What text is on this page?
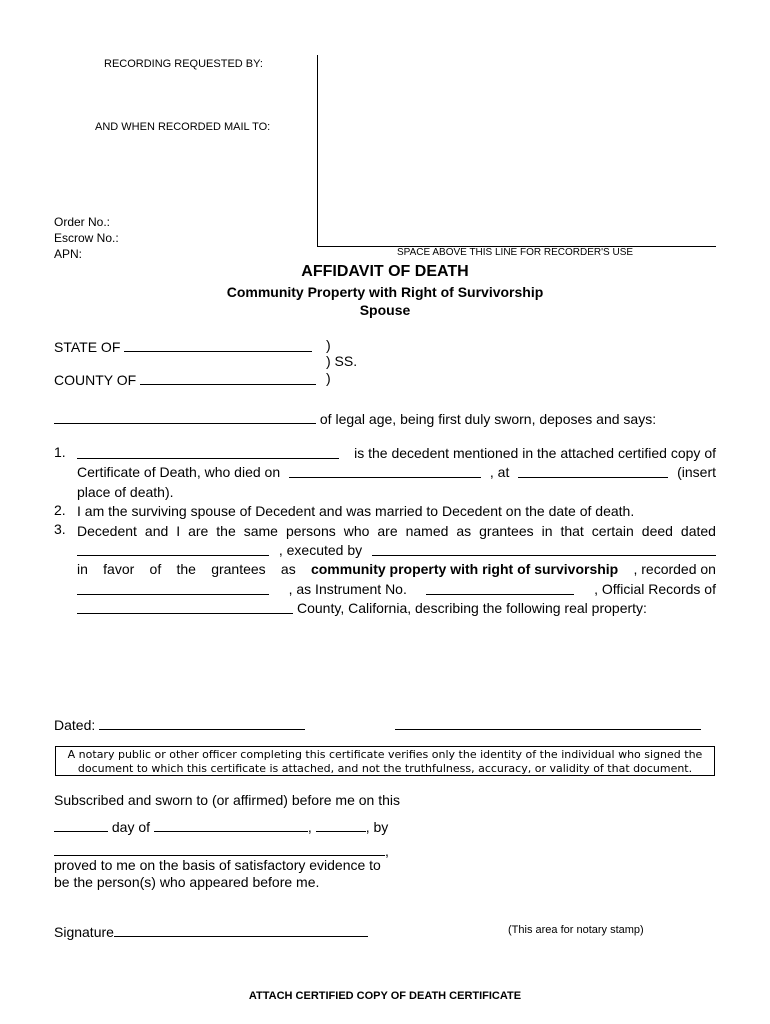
RECORDING REQUESTED BY:
AND WHEN RECORDED MAIL TO:
Order No.:
Escrow No.:
APN:	SPACE ABOVE THIS LINE FOR RECORDER'S USE
AFFIDAVIT OF DEATH
Community Property with Right of Survivorship
Spouse
STATE OF	)
) SS.
COUNTY OF	)
of legal age, being first duly sworn, deposes and says:
1.
2.
3.
is the decedent mentioned in the attached certified copy of
Certificate of Death, who died on	, at	(insert
place of death).
I am the surviving spouse of Decedent and was married to Decedent on the date of death.
Decedent and I are the same persons who are named as grantees in that certain deed dated
, executed by
in favor of the grantees as community property with right of survivorship , recorded on
, as Instrument No.	, Official Records of
County, California, describing the following real property:
Dated:
A notary public or other officer completing this certificate verifies only the identity of the individual who signed the
document to which this certificate is attached, and not the truthfulness, accuracy, or validity of that document.
Subscribed and sworn to (or affirmed) before me on this
day of	,	, by
,
proved to me on the basis of satisfactory evidence to
be the person(s) who appeared before me.
Signature	(This area for notary stamp)
ATTACH CERTIFIED COPY OF DEATH CERTIFICATE
